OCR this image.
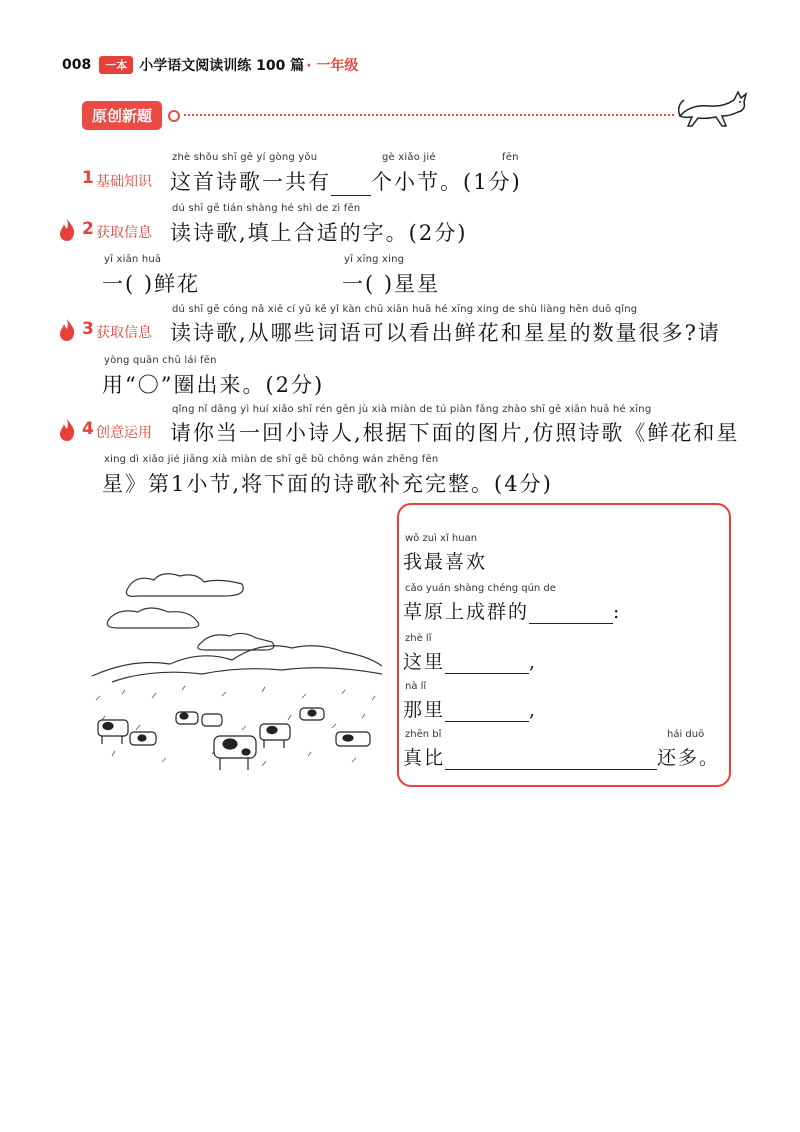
008	一本 小学语文阅读训练 100 篇 · 一年级
原创新题
zhè shǒu shī gē yí gòng yǒu	gè xiǎo jié	fēn
1 基础知识 这首诗歌一共有 个小节。(1分)
dú shī gē tián shàng hé shì de zì fēn
2 获取信息 读诗歌,填上合适的字。(2分)
yī xiān huā
一( )鲜花
yī xīng xing
一( )星星
dú shī gē cóng nǎ xiē cí yǔ kě yǐ kàn chū xiān huā hé xīng xing de shù liàng hěn duō qǐng
3 获取信息 读诗歌,从哪些词语可以看出鲜花和星星的数量很多?请
yòng quān chū lái fēn
用“〇”圈出来。(2分)
qǐng nǐ dāng yì huí xiǎo shī rén gēn jù xià miàn de tú piàn fǎng zhào shī gē xiān huā hé xīng
4 创意运用 请你当一回小诗人,根据下面的图片,仿照诗歌《鲜花和星
xing dì xiǎo jié jiāng xià miàn de shī gē bǔ chōng wán zhěng fēn
星》第1小节,将下面的诗歌补充完整。(4分)
wǒ zuì xǐ huan
我最喜欢
cǎo yuán shàng chéng qún de
草原上成群的	:
zhè lǐ
这里	,
nà lǐ
那里	,
zhēn bǐ	hái duō
真比	还多。
